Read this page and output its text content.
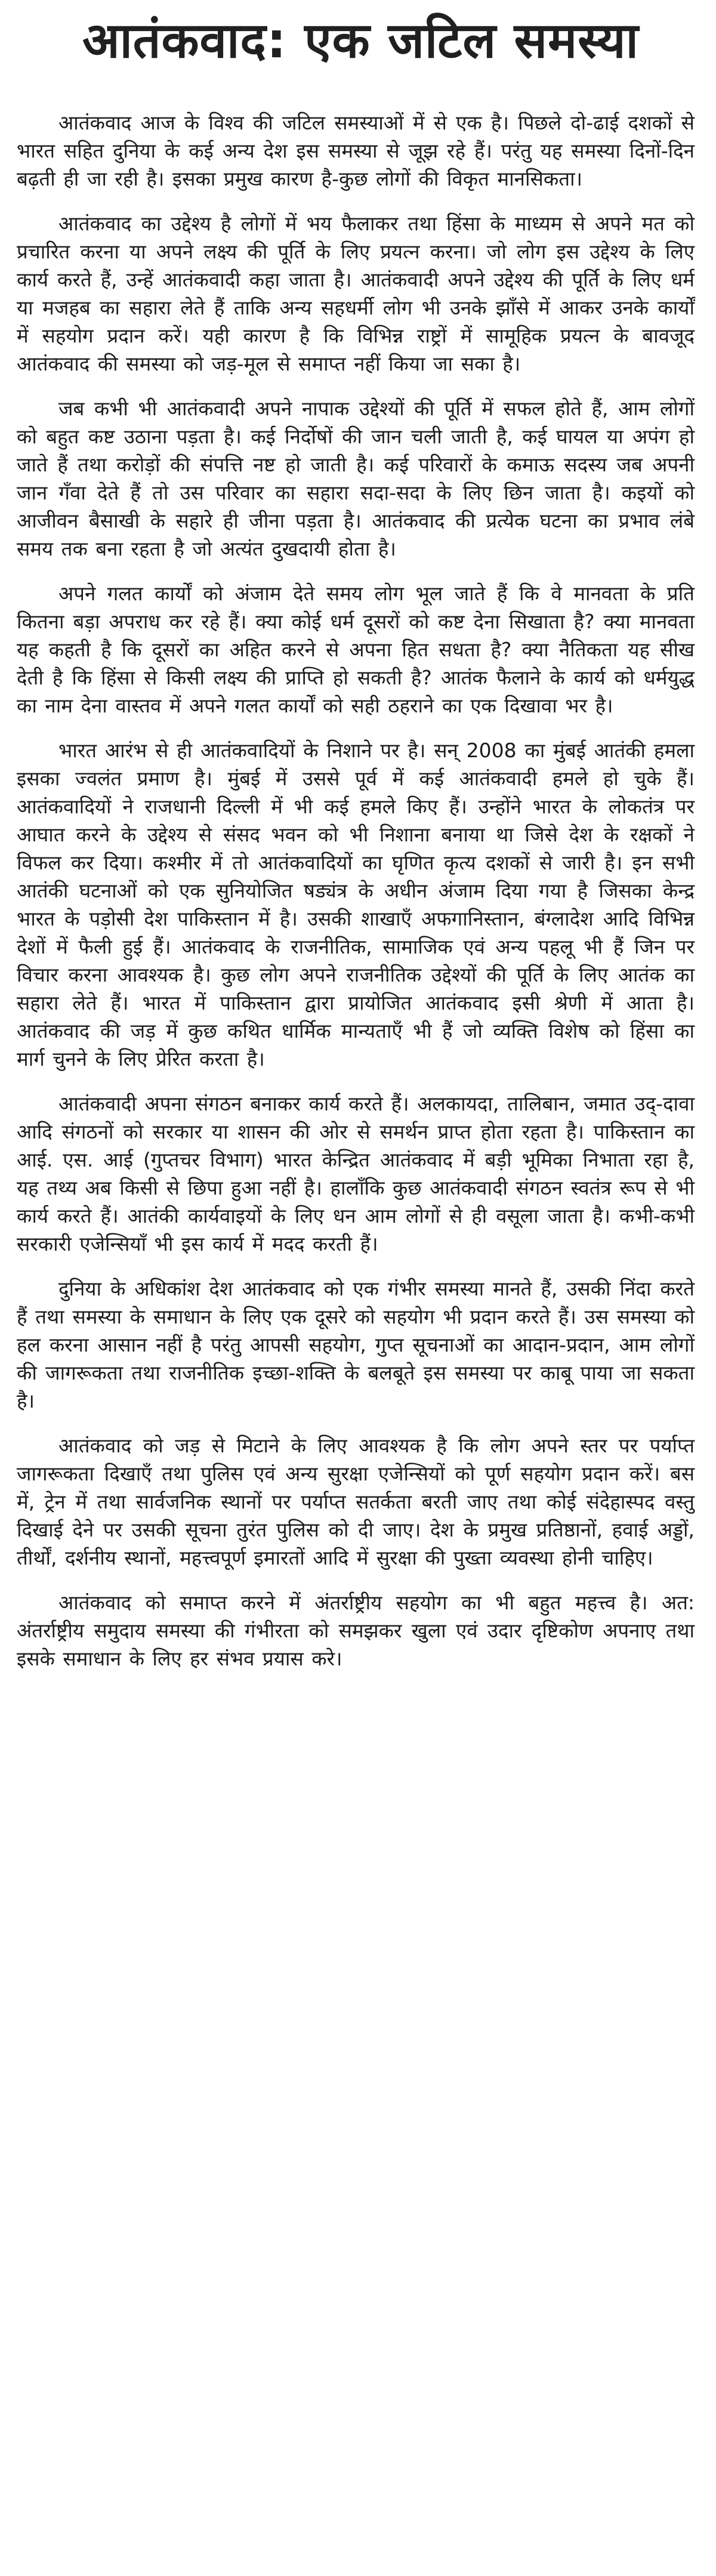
आतंकवाद: एक जटिल समस्या

आतंकवाद आज के विश्व की जटिल समस्याओं में से एक है। पिछले दो-ढाई दशकों से भारत सहित दुनिया के कई अन्य देश इस समस्या से जूझ रहे हैं। परंतु यह समस्या दिनों-दिन बढ़ती ही जा रही है। इसका प्रमुख कारण है-कुछ लोगों की विकृत मानसिकता।

आतंकवाद का उद्देश्य है लोगों में भय फैलाकर तथा हिंसा के माध्यम से अपने मत को प्रचारित करना या अपने लक्ष्य की पूर्ति के लिए प्रयत्न करना। जो लोग इस उद्देश्य के लिए कार्य करते हैं, उन्हें आतंकवादी कहा जाता है। आतंकवादी अपने उद्देश्य की पूर्ति के लिए धर्म या मजहब का सहारा लेते हैं ताकि अन्य सहधर्मी लोग भी उनके झाँसे में आकर उनके कार्यों में सहयोग प्रदान करें। यही कारण है कि विभिन्न राष्ट्रों में सामूहिक प्रयत्न के बावजूद आतंकवाद की समस्या को जड़-मूल से समाप्त नहीं किया जा सका है।

जब कभी भी आतंकवादी अपने नापाक उद्देश्यों की पूर्ति में सफल होते हैं, आम लोगों को बहुत कष्ट उठाना पड़ता है। कई निर्दोषों की जान चली जाती है, कई घायल या अपंग हो जाते हैं तथा करोड़ों की संपत्ति नष्ट हो जाती है। कई परिवारों के कमाऊ सदस्य जब अपनी जान गँवा देते हैं तो उस परिवार का सहारा सदा-सदा के लिए छिन जाता है। कइयों को आजीवन बैसाखी के सहारे ही जीना पड़ता है। आतंकवाद की प्रत्येक घटना का प्रभाव लंबे समय तक बना रहता है जो अत्यंत दुखदायी होता है।

अपने गलत कार्यों को अंजाम देते समय लोग भूल जाते हैं कि वे मानवता के प्रति कितना बड़ा अपराध कर रहे हैं। क्या कोई धर्म दूसरों को कष्ट देना सिखाता है? क्या मानवता यह कहती है कि दूसरों का अहित करने से अपना हित सधता है? क्या नैतिकता यह सीख देती है कि हिंसा से किसी लक्ष्य की प्राप्ति हो सकती है? आतंक फैलाने के कार्य को धर्मयुद्ध का नाम देना वास्तव में अपने गलत कार्यों को सही ठहराने का एक दिखावा भर है।

भारत आरंभ से ही आतंकवादियों के निशाने पर है। सन् 2008 का मुंबई आतंकी हमला इसका ज्वलंत प्रमाण है। मुंबई में उससे पूर्व में कई आतंकवादी हमले हो चुके हैं। आतंकवादियों ने राजधानी दिल्ली में भी कई हमले किए हैं। उन्होंने भारत के लोकतंत्र पर आघात करने के उद्देश्य से संसद भवन को भी निशाना बनाया था जिसे देश के रक्षकों ने विफल कर दिया। कश्मीर में तो आतंकवादियों का घृणित कृत्य दशकों से जारी है। इन सभी आतंकी घटनाओं को एक सुनियोजित षड्यंत्र के अधीन अंजाम दिया गया है जिसका केन्द्र भारत के पड़ोसी देश पाकिस्तान में है। उसकी शाखाएँ अफगानिस्तान, बंग्लादेश आदि विभिन्न देशों में फैली हुई हैं। आतंकवाद के राजनीतिक, सामाजिक एवं अन्य पहलू भी हैं जिन पर विचार करना आवश्यक है। कुछ लोग अपने राजनीतिक उद्देश्यों की पूर्ति के लिए आतंक का सहारा लेते हैं। भारत में पाकिस्तान द्वारा प्रायोजित आतंकवाद इसी श्रेणी में आता है। आतंकवाद की जड़ में कुछ कथित धार्मिक मान्यताएँ भी हैं जो व्यक्ति विशेष को हिंसा का मार्ग चुनने के लिए प्रेरित करता है।

आतंकवादी अपना संगठन बनाकर कार्य करते हैं। अलकायदा, तालिबान, जमात उद्-दावा आदि संगठनों को सरकार या शासन की ओर से समर्थन प्राप्त होता रहता है। पाकिस्तान का आई. एस. आई (गुप्तचर विभाग) भारत केन्द्रित आतंकवाद में बड़ी भूमिका निभाता रहा है, यह तथ्य अब किसी से छिपा हुआ नहीं है। हालाँकि कुछ आतंकवादी संगठन स्वतंत्र रूप से भी कार्य करते हैं। आतंकी कार्यवाइयों के लिए धन आम लोगों से ही वसूला जाता है। कभी-कभी सरकारी एजेन्सियाँ भी इस कार्य में मदद करती हैं।

दुनिया के अधिकांश देश आतंकवाद को एक गंभीर समस्या मानते हैं, उसकी निंदा करते हैं तथा समस्या के समाधान के लिए एक दूसरे को सहयोग भी प्रदान करते हैं। उस समस्या को हल करना आसान नहीं है परंतु आपसी सहयोग, गुप्त सूचनाओं का आदान-प्रदान, आम लोगों की जागरूकता तथा राजनीतिक इच्छा-शक्ति के बलबूते इस समस्या पर काबू पाया जा सकता है।

आतंकवाद को जड़ से मिटाने के लिए आवश्यक है कि लोग अपने स्तर पर पर्याप्त जागरूकता दिखाएँ तथा पुलिस एवं अन्य सुरक्षा एजेन्सियों को पूर्ण सहयोग प्रदान करें। बस में, ट्रेन में तथा सार्वजनिक स्थानों पर पर्याप्त सतर्कता बरती जाए तथा कोई संदेहास्पद वस्तु दिखाई देने पर उसकी सूचना तुरंत पुलिस को दी जाए। देश के प्रमुख प्रतिष्ठानों, हवाई अड्डों, तीर्थों, दर्शनीय स्थानों, महत्त्वपूर्ण इमारतों आदि में सुरक्षा की पुख्ता व्यवस्था होनी चाहिए।

आतंकवाद को समाप्त करने में अंतर्राष्ट्रीय सहयोग का भी बहुत महत्त्व है। अत: अंतर्राष्ट्रीय समुदाय समस्या की गंभीरता को समझकर खुला एवं उदार दृष्टिकोण अपनाए तथा इसके समाधान के लिए हर संभव प्रयास करे।
